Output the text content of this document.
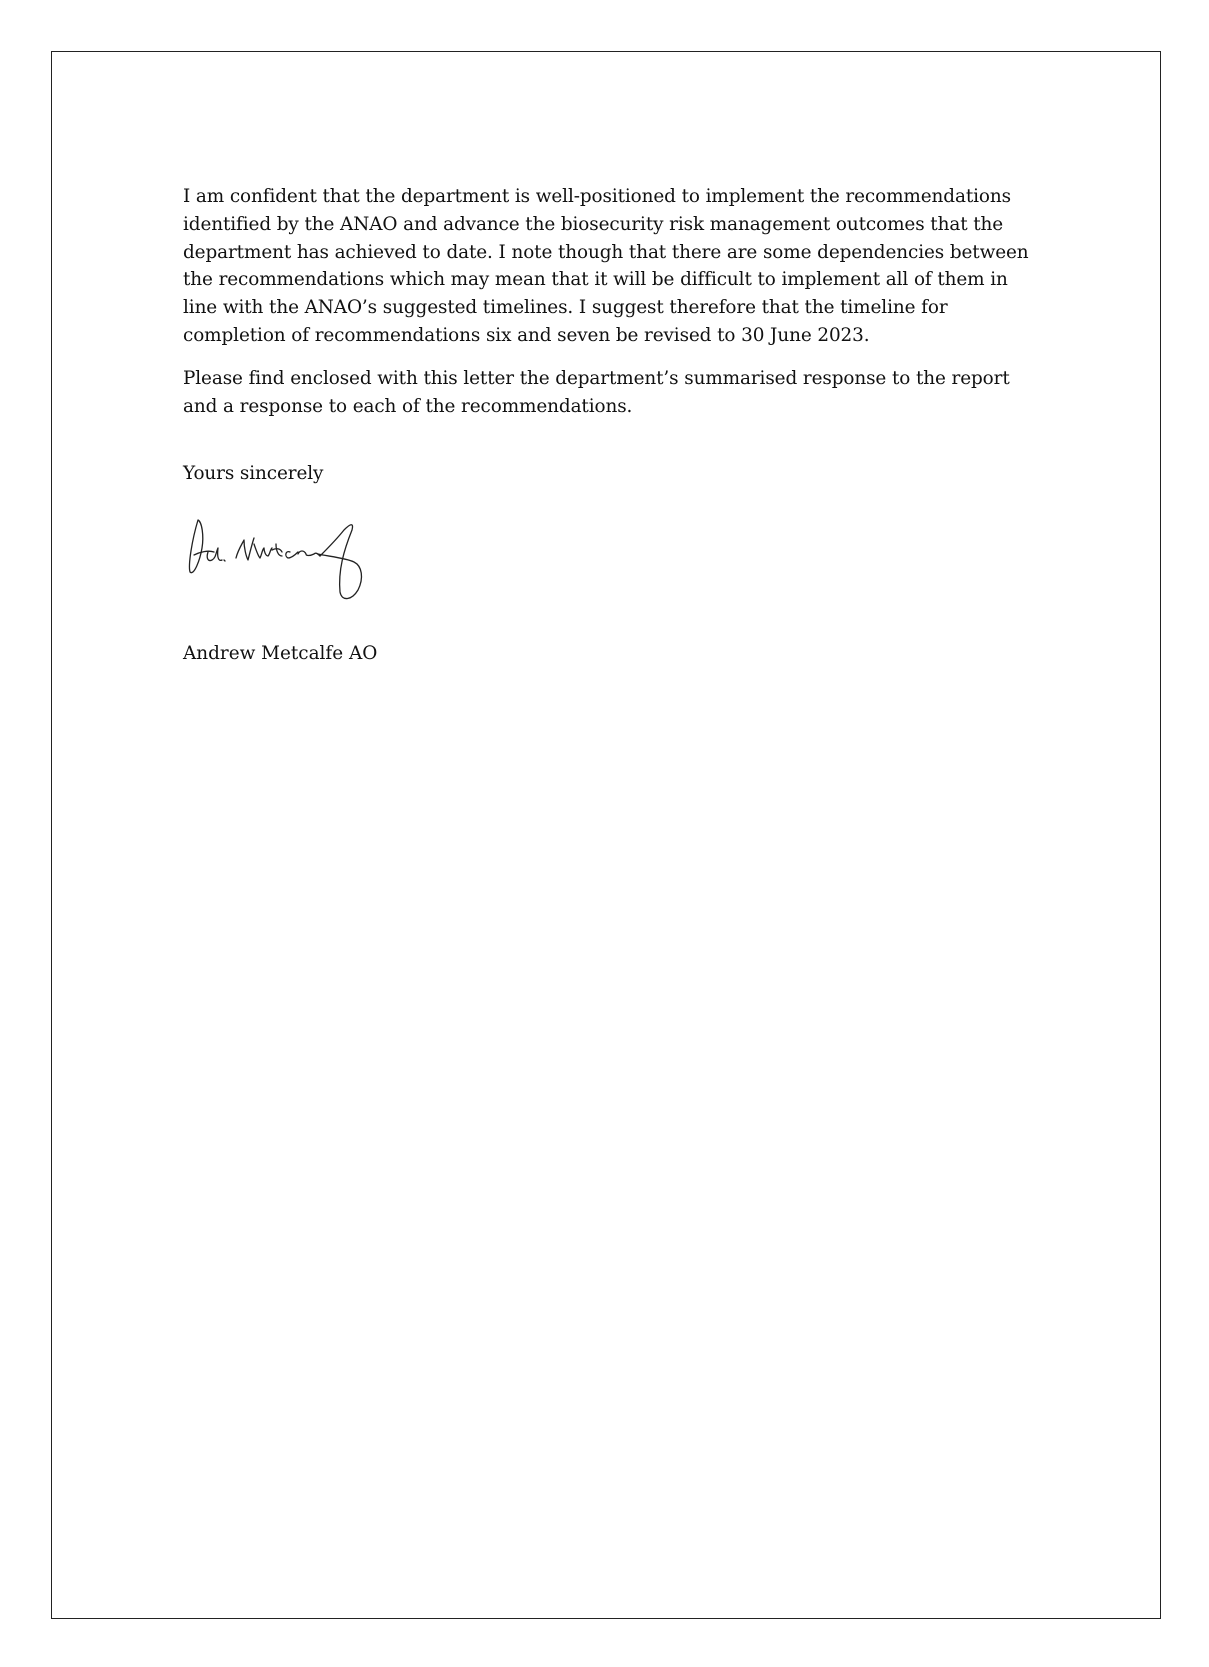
I am confident that the department is well-positioned to implement the recommendations identified by the ANAO and advance the biosecurity risk management outcomes that the department has achieved to date. I note though that there are some dependencies between the recommendations which may mean that it will be difficult to implement all of them in line with the ANAO’s suggested timelines. I suggest therefore that the timeline for completion of recommendations six and seven be revised to 30 June 2023.

Please find enclosed with this letter the department’s summarised response to the report and a response to each of the recommendations.

Yours sincerely

Andrew Metcalfe AO
